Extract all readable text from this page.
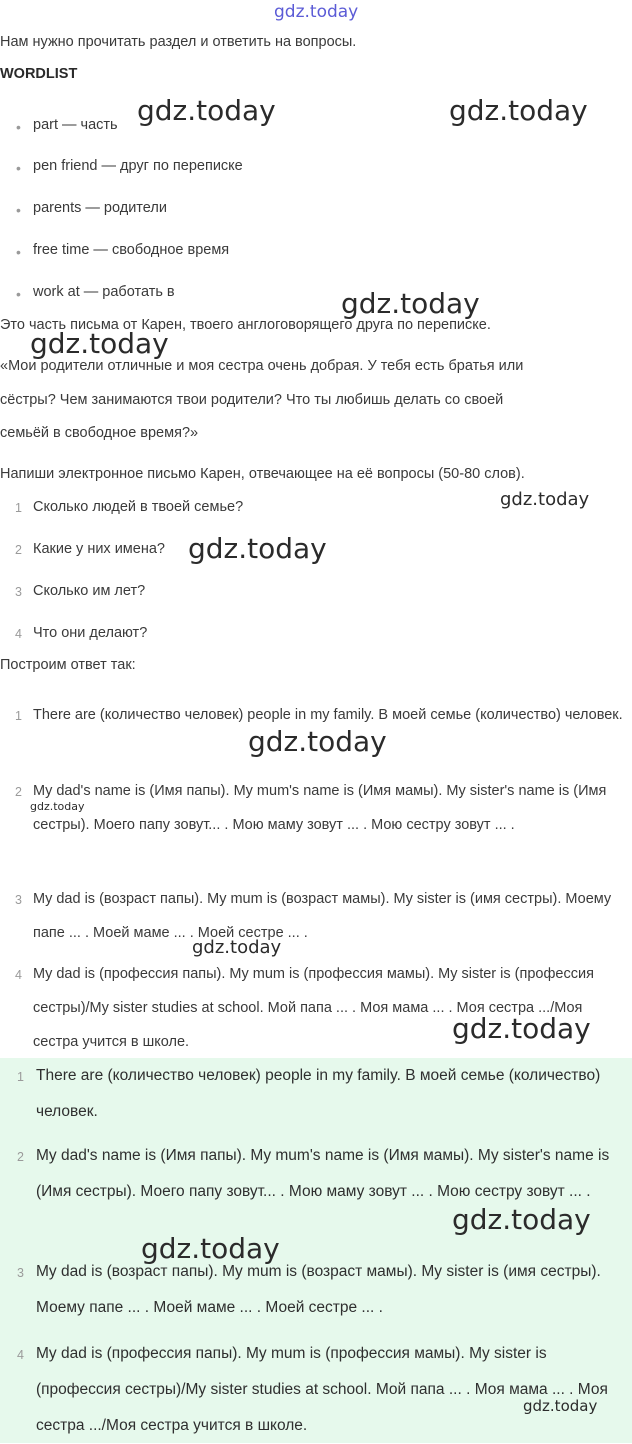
gdz.today
Нам нужно прочитать раздел и ответить на вопросы.
WORDLIST
• part — часть
• pen friend — друг по переписке
• parents — родители
• free time — свободное время
• work at — работать в
Это часть письма от Карен, твоего англоговорящего друга по переписке.
«Мои родители отличные и моя сестра очень добрая. У тебя есть братья или
сёстры? Чем занимаются твои родители? Что ты любишь делать со своей
семьёй в свободное время?»
Напиши электронное письмо Карен, отвечающее на её вопросы (50-80 слов).
1 Сколько людей в твоей семье?
2 Какие у них имена?
3 Сколько им лет?
4 Что они делают?
Построим ответ так:
1 There are (количество человек) people in my family. В моей семье (количество) человек.
2 My dad's name is (Имя папы). My mum's name is (Имя мамы). My sister's name is (Имя сестры). Моего папу зовут... . Мою маму зовут ... . Мою сестру зовут ... .
3 My dad is (возраст папы). My mum is (возраст мамы). My sister is (имя сестры). Моему папе ... . Моей маме ... . Моей сестре ... .
4 My dad is (профессия папы). My mum is (профессия мамы). My sister is (профессия сестры)/My sister studies at school. Мой папа ... . Моя мама ... . Моя сестра .../Моя сестра учится в школе.
1 There are (количество человек) people in my family. В моей семье (количество) человек.
2 My dad's name is (Имя папы). My mum's name is (Имя мамы). My sister's name is (Имя сестры). Моего папу зовут... . Мою маму зовут ... . Мою сестру зовут ... .
3 My dad is (возраст папы). My mum is (возраст мамы). My sister is (имя сестры). Моему папе ... . Моей маме ... . Моей сестре ... .
4 My dad is (профессия папы). My mum is (профессия мамы). My sister is (профессия сестры)/My sister studies at school. Мой папа ... . Моя мама ... . Моя сестра .../Моя сестра учится в школе.
gdz.today	gdz.today
gdz.today
gdz.today
gdz.today
gdz.today
gdz.today
gdz.today
gdz.today
gdz.today
gdz.today
gdz.today
gdz.today
